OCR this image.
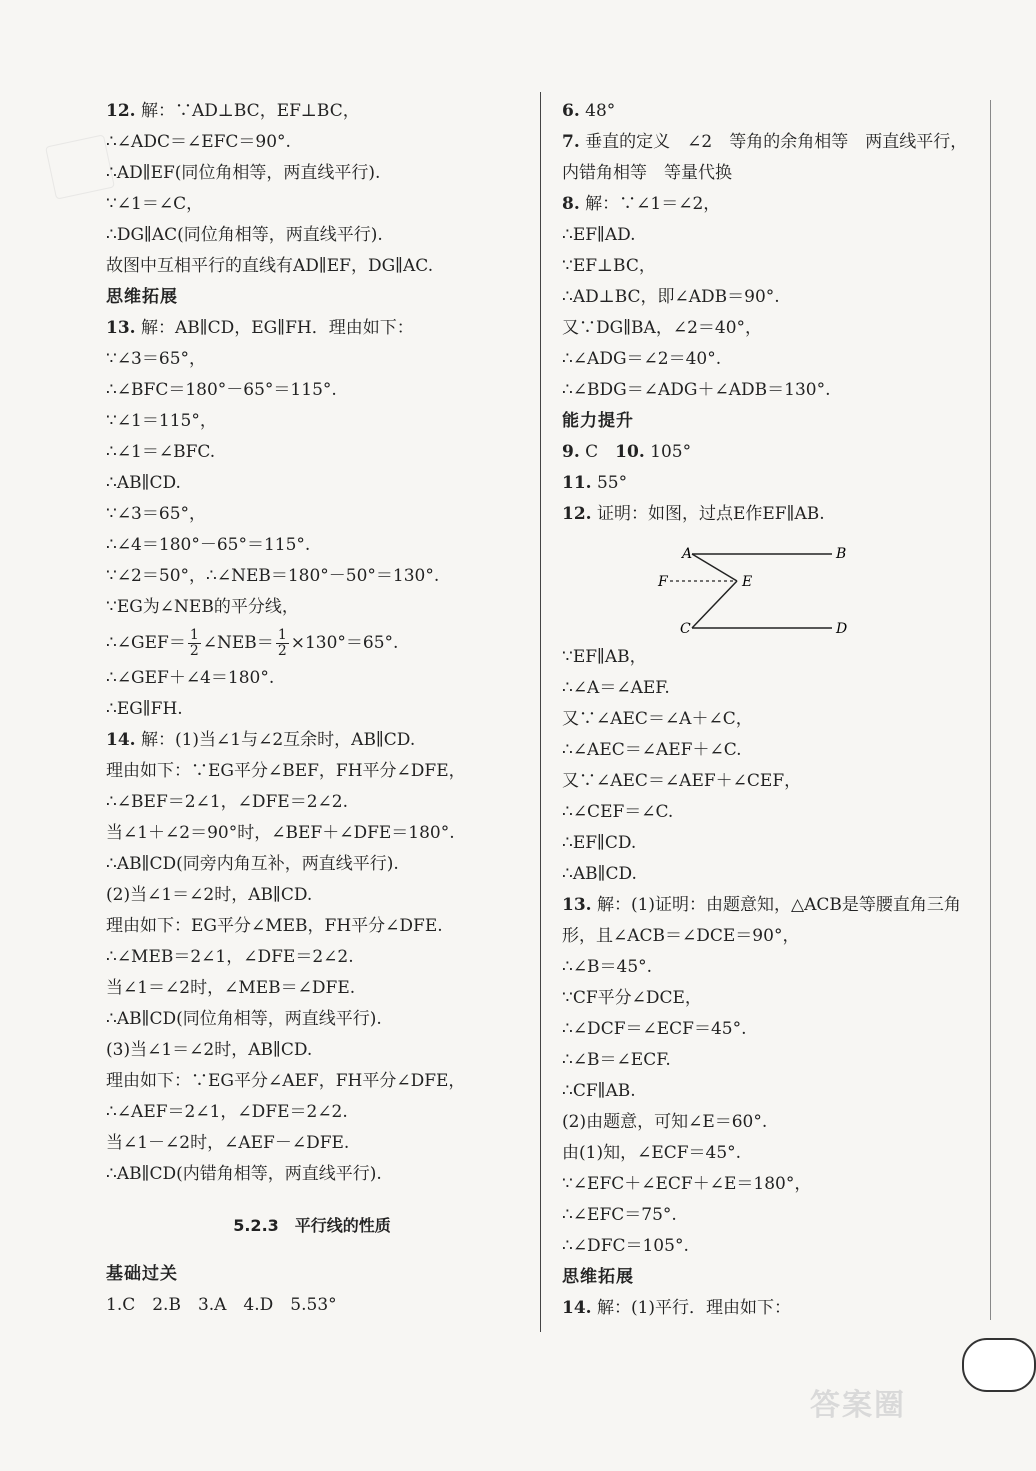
12. 解：∵AD⊥BC，EF⊥BC，
∴∠ADC＝∠EFC＝90°.
∴AD∥EF(同位角相等，两直线平行).
∵∠1＝∠C，
∴DG∥AC(同位角相等，两直线平行).
故图中互相平行的直线有AD∥EF，DG∥AC.
思维拓展
13. 解：AB∥CD，EG∥FH．理由如下：
∵∠3＝65°，
∴∠BFC＝180°－65°＝115°.
∵∠1＝115°，
∴∠1＝∠BFC.
∴AB∥CD.
∵∠3＝65°，
∴∠4＝180°－65°＝115°.
∵∠2＝50°，∴∠NEB＝180°－50°＝130°.
∵EG为∠NEB的平分线，
∴∠GEF＝ $\frac{1}{2}$ ∠NEB＝ $\frac{1}{2} \times 130^\circ=65^\circ$.
∴∠GEF＋∠4＝180°.
∴EG∥FH.
14. 解：(1)当∠1与∠2互余时，AB∥CD.
理由如下：∵EG平分∠BEF，FH平分∠DFE，
∴∠BEF＝2∠1，∠DFE＝2∠2.
当∠1＋∠2＝90°时，∠BEF＋∠DFE＝180°.
∴AB∥CD(同旁内角互补，两直线平行).
(2)当∠1＝∠2时，AB∥CD.
理由如下：EG平分∠MEB，FH平分∠DFE.
∴∠MEB＝2∠1，∠DFE＝2∠2.
当∠1＝∠2时，∠MEB＝∠DFE.
∴AB∥CD(同位角相等，两直线平行).
(3)当∠1＝∠2时，AB∥CD.
理由如下：∵EG平分∠AEF，FH平分∠DFE，
∴∠AEF＝2∠1，∠DFE＝2∠2.
当∠1－∠2时，∠AEF－∠DFE.
∴AB∥CD(内错角相等，两直线平行).
5.2.3　平行线的性质
基础过关
1.C　2.B　3.A　4.D　5.53°
6. 48°
7. 垂直的定义　∠2　等角的余角相等　两直线平行，内错角相等　等量代换
8. 解：∵∠1＝∠2，
∴EF∥AD.
∵EF⊥BC，
∴AD⊥BC，即∠ADB＝90°.
又∵DG∥BA，∠2＝40°，
∴∠ADG＝∠2＝40°.
∴∠BDG＝∠ADG＋∠ADB＝130°.
能力提升
9. C　10. 105°
11. 55°
12. 证明：如图，过点E作EF∥AB.
A	B
F	E
C	D
∵EF∥AB，
∴∠A＝∠AEF.
又∵∠AEC＝∠A＋∠C，
∴∠AEC＝∠AEF＋∠C.
又∵∠AEC＝∠AEF＋∠CEF，
∴∠CEF＝∠C.
∴EF∥CD.
∴AB∥CD.
13. 解：(1)证明：由题意知，△ACB是等腰直角三角形，且∠ACB＝∠DCE＝90°，
∴∠B＝45°.
∵CF平分∠DCE，
∴∠DCF＝∠ECF＝45°.
∴∠B＝∠ECF.
∴CF∥AB.
(2)由题意，可知∠E＝60°.
由(1)知，∠ECF＝45°.
∵∠EFC＋∠ECF＋∠E＝180°，
∴∠EFC＝75°.
∴∠DFC＝105°.
思维拓展
14. 解：(1)平行．理由如下：
答案圈
